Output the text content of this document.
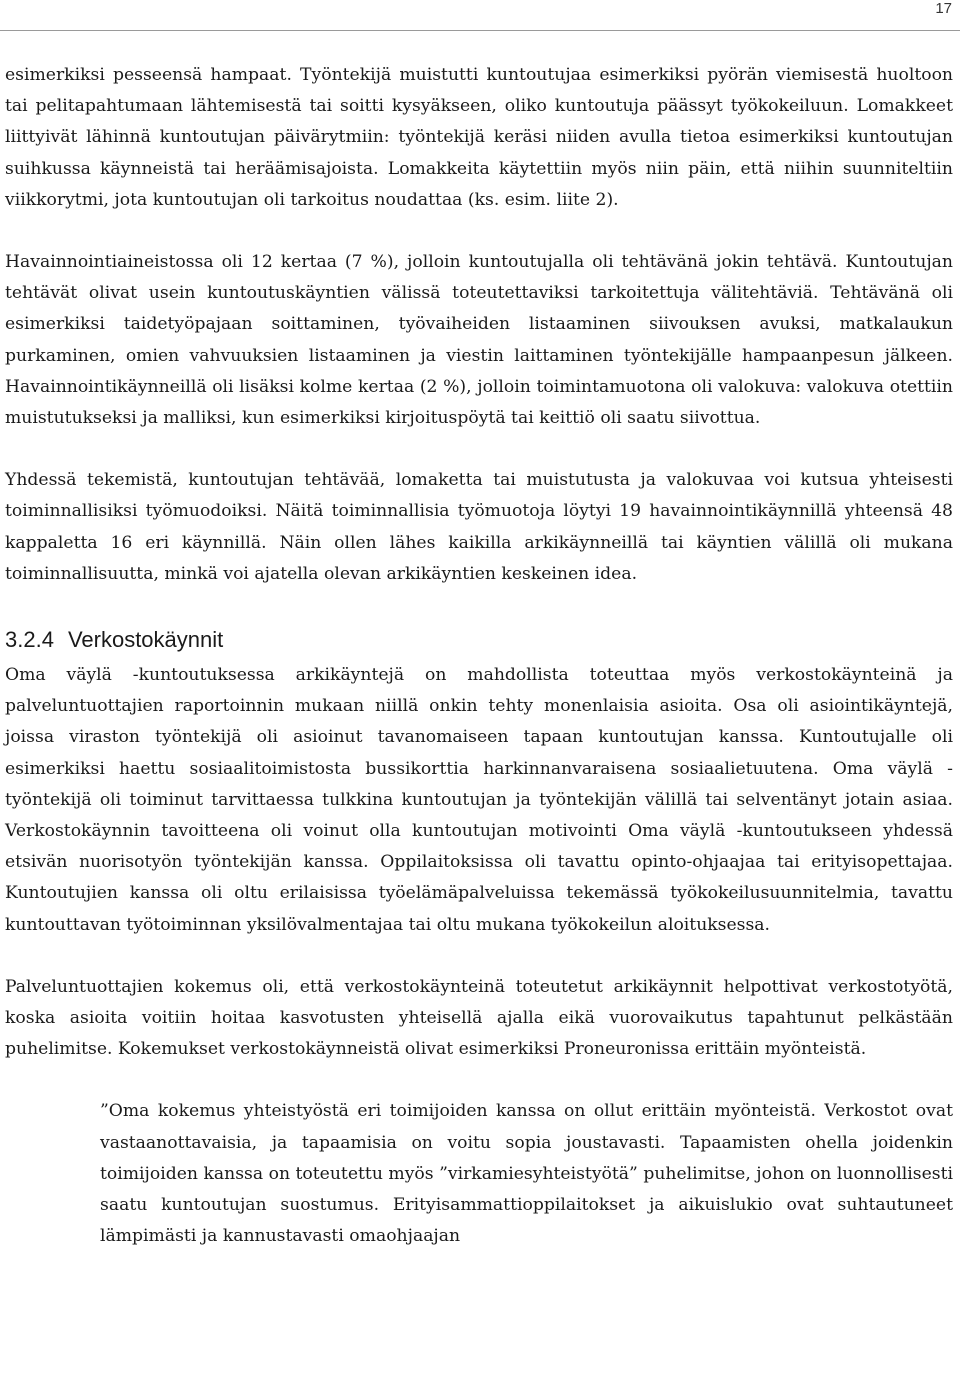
17

esimerkiksi pesseensä hampaat. Työntekijä muistutti kuntoutujaa esimerkiksi pyörän viemisestä huoltoon tai pelitapahtumaan lähtemisestä tai soitti kysyäkseen, oliko kuntoutuja päässyt työkokeiluun. Lomakkeet liittyivät lähinnä kuntoutujan päivärytmiin: työntekijä keräsi niiden avulla tietoa esimerkiksi kuntoutujan suihkussa käynneistä tai heräämisajoista. Lomakkeita käytettiin myös niin päin, että niihin suunniteltiin viikkorytmi, jota kuntoutujan oli tarkoitus noudattaa (ks. esim. liite 2).

Havainnointiaineistossa oli 12 kertaa (7 %), jolloin kuntoutujalla oli tehtävänä jokin tehtävä. Kuntoutujan tehtävät olivat usein kuntoutuskäyntien välissä toteutettaviksi tarkoitettuja välitehtäviä. Tehtävänä oli esimerkiksi taidetyöpajaan soittaminen, työvaiheiden listaaminen siivouksen avuksi, matkalaukun purkaminen, omien vahvuuksien listaaminen ja viestin laittaminen työntekijälle hampaanpesun jälkeen. Havainnointikäynneillä oli lisäksi kolme kertaa (2 %), jolloin toimintamuotona oli valokuva: valokuva otettiin muistutukseksi ja malliksi, kun esimerkiksi kirjoituspöytä tai keittiö oli saatu siivottua.

Yhdessä tekemistä, kuntoutujan tehtävää, lomaketta tai muistutusta ja valokuvaa voi kutsua yhteisesti toiminnallisiksi työmuodoiksi. Näitä toiminnallisia työmuotoja löytyi 19 havainnointikäynnillä yhteensä 48 kappaletta 16 eri käynnillä. Näin ollen lähes kaikilla arkikäynneillä tai käyntien välillä oli mukana toiminnallisuutta, minkä voi ajatella olevan arkikäyntien keskeinen idea.

3.2.4 Verkostokäynnit

Oma väylä -kuntoutuksessa arkikäyntejä on mahdollista toteuttaa myös verkostokäynteinä ja palveluntuottajien raportoinnin mukaan niillä onkin tehty monenlaisia asioita. Osa oli asiointikäyntejä, joissa viraston työntekijä oli asioinut tavanomaiseen tapaan kuntoutujan kanssa. Kuntoutujalle oli esimerkiksi haettu sosiaalitoimistosta bussikorttia harkinnanvaraisena sosiaalietuutena. Oma väylä -työntekijä oli toiminut tarvittaessa tulkkina kuntoutujan ja työntekijän välillä tai selventänyt jotain asiaa. Verkostokäynnin tavoitteena oli voinut olla kuntoutujan motivointi Oma väylä -kuntoutukseen yhdessä etsivän nuorisotyön työntekijän kanssa. Oppilaitoksissa oli tavattu opinto-ohjaajaa tai erityisopettajaa. Kuntoutujien kanssa oli oltu erilaisissa työelämäpalveluissa tekemässä työkokeilusuunnitelmia, tavattu kuntouttavan työtoiminnan yksilövalmentajaa tai oltu mukana työkokeilun aloituksessa.

Palveluntuottajien kokemus oli, että verkostokäynteinä toteutetut arkikäynnit helpottivat verkostotyötä, koska asioita voitiin hoitaa kasvotusten yhteisellä ajalla eikä vuorovaikutus tapahtunut pelkästään puhelimitse. Kokemukset verkostokäynneistä olivat esimerkiksi Proneuronissa erittäin myönteistä.

”Oma kokemus yhteistyöstä eri toimijoiden kanssa on ollut erittäin myönteistä. Verkostot ovat vastaanottavaisia, ja tapaamisia on voitu sopia joustavasti. Tapaamisten ohella joidenkin toimijoiden kanssa on toteutettu myös ”virkamiesyhteistyötä” puhelimitse, johon on luonnollisesti saatu kuntoutujan suostumus. Erityisammattioppilaitokset ja aikuislukio ovat suhtautuneet lämpimästi ja kannustavasti omaohjaajan
